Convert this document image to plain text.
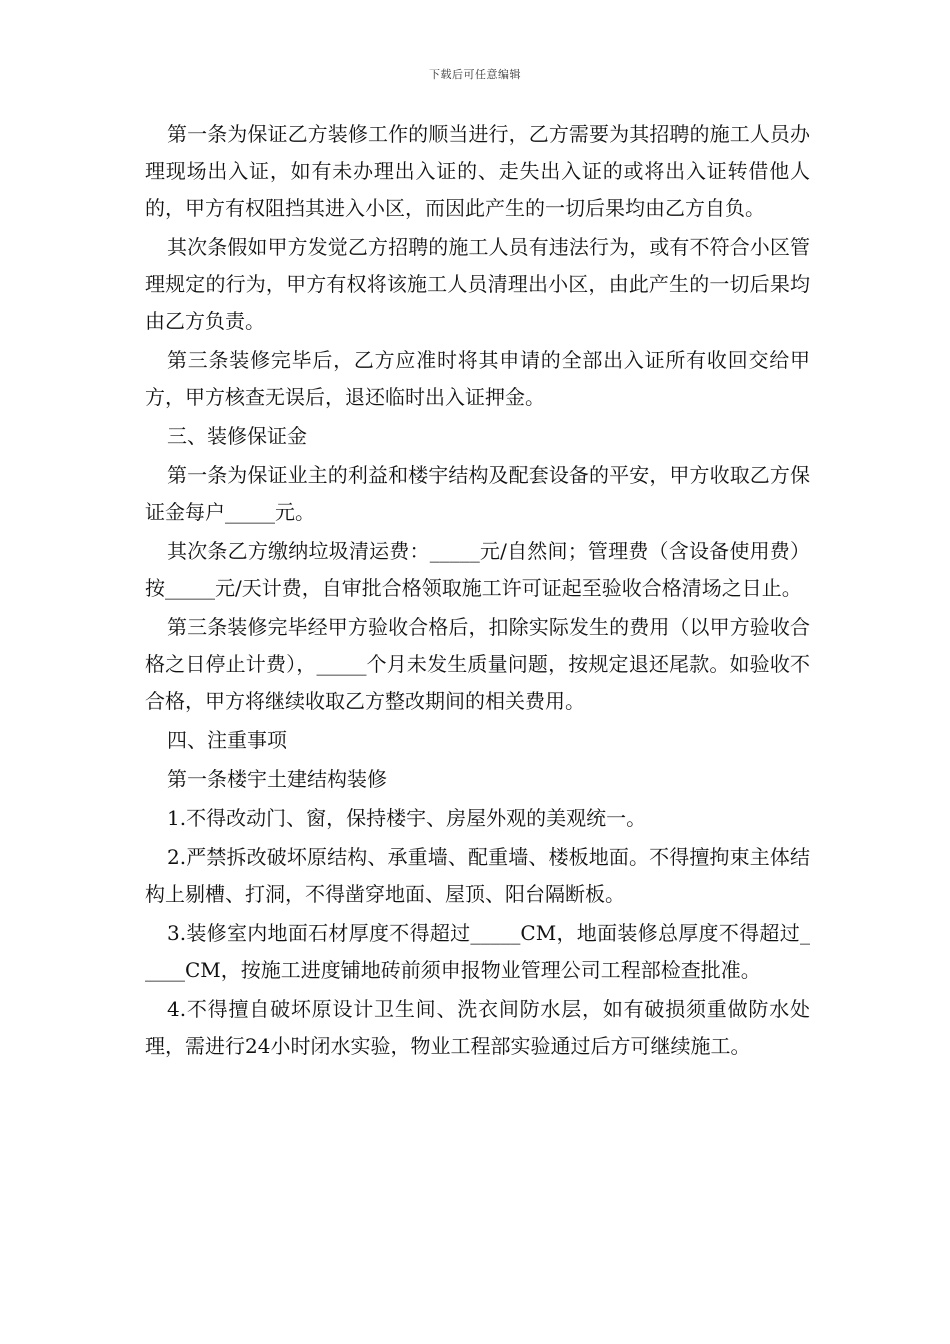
下载后可任意编辑

第一条为保证乙方装修工作的顺当进行，乙方需要为其招聘的施工人员办理现场出入证，如有未办理出入证的、走失出入证的或将出入证转借他人的，甲方有权阻挡其进入小区，而因此产生的一切后果均由乙方自负。

其次条假如甲方发觉乙方招聘的施工人员有违法行为，或有不符合小区管理规定的行为，甲方有权将该施工人员清理出小区，由此产生的一切后果均由乙方负责。

第三条装修完毕后，乙方应准时将其申请的全部出入证所有收回交给甲方，甲方核查无误后，退还临时出入证押金。

三、装修保证金

第一条为保证业主的利益和楼宇结构及配套设备的平安，甲方收取乙方保证金每户_____元。

其次条乙方缴纳垃圾清运费：_____元/自然间；管理费（含设备使用费）按_____元/天计费，自审批合格领取施工许可证起至验收合格清场之日止。

第三条装修完毕经甲方验收合格后，扣除实际发生的费用（以甲方验收合格之日停止计费），_____个月未发生质量问题，按规定退还尾款。如验收不合格，甲方将继续收取乙方整改期间的相关费用。

四、注重事项

第一条楼宇土建结构装修

1.不得改动门、窗，保持楼宇、房屋外观的美观统一。

2.严禁拆改破坏原结构、承重墙、配重墙、楼板地面。不得擅拘束主体结构上剔槽、打洞，不得凿穿地面、屋顶、阳台隔断板。

3.装修室内地面石材厚度不得超过_____CM，地面装修总厚度不得超过_____CM，按施工进度铺地砖前须申报物业管理公司工程部检查批准。

4.不得擅自破坏原设计卫生间、洗衣间防水层，如有破损须重做防水处理，需进行24小时闭水实验，物业工程部实验通过后方可继续施工。
